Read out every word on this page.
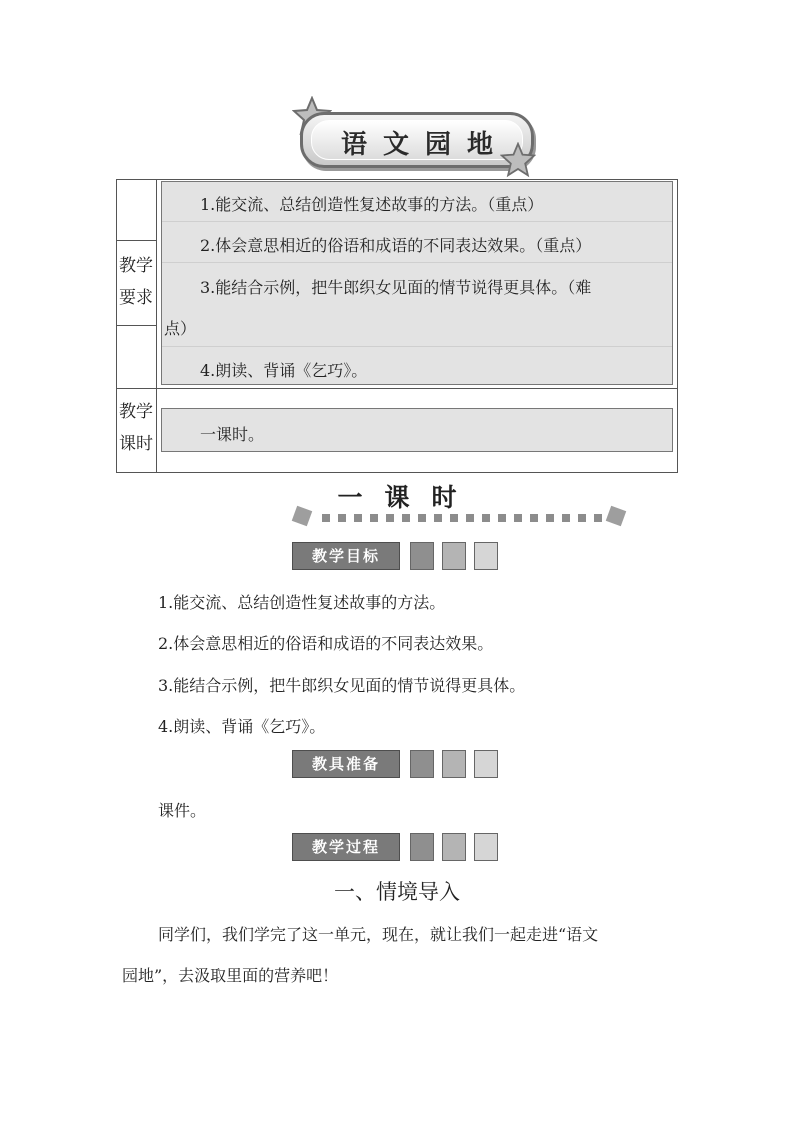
语文园地
教学
要求
1.能交流、总结创造性复述故事的方法。（重点）
2.体会意思相近的俗语和成语的不同表达效果。（重点）
3.能结合示例，把牛郎织女见面的情节说得更具体。（难
点）
4.朗读、背诵《乞巧》。
教学
课时	一课时。
一课时
教学目标
1.能交流、总结创造性复述故事的方法。
2.体会意思相近的俗语和成语的不同表达效果。
3.能结合示例，把牛郎织女见面的情节说得更具体。
4.朗读、背诵《乞巧》。
教具准备
课件。
教学过程
一、情境导入
同学们，我们学完了这一单元，现在，就让我们一起走进“语文
园地”，去汲取里面的营养吧！
